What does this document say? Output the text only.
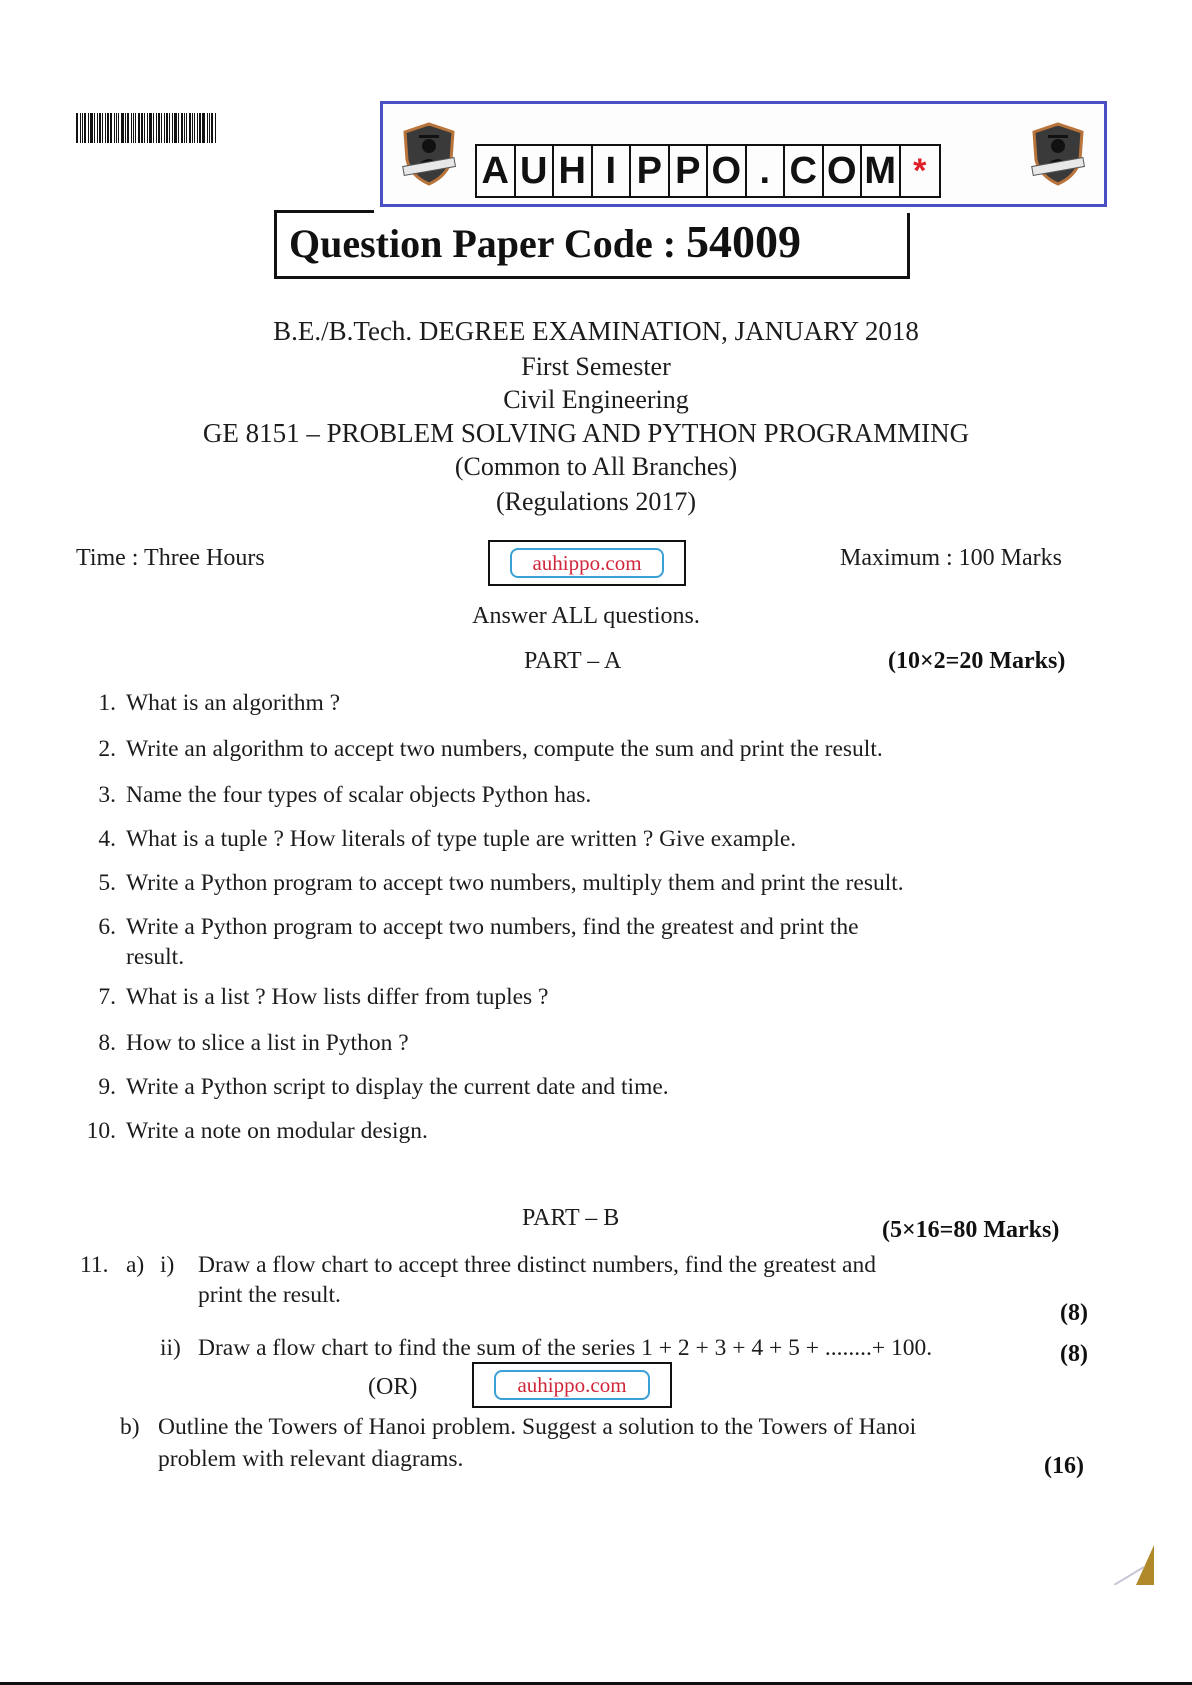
A U H I P P O . C O M *
Question Paper Code : 54009
B.E./B.Tech. DEGREE EXAMINATION, JANUARY 2018
First Semester
Civil Engineering
GE 8151 – PROBLEM SOLVING AND PYTHON PROGRAMMING
(Common to All Branches)
(Regulations 2017)
Time : Three Hours	auhippo.com	Maximum : 100 Marks
Answer ALL questions.
PART – A	(10×2=20 Marks)
1. What is an algorithm ?
2. Write an algorithm to accept two numbers, compute the sum and print the result.
3. Name the four types of scalar objects Python has.
4. What is a tuple ? How literals of type tuple are written ? Give example.
5. Write a Python program to accept two numbers, multiply them and print the result.
6. Write a Python program to accept two numbers, find the greatest and print the
result.
7. What is a list ? How lists differ from tuples ?
8. How to slice a list in Python ?
9. Write a Python script to display the current date and time.
10. Write a note on modular design.
PART – B	(5×16=80 Marks)
11. a) i) Draw a flow chart to accept three distinct numbers, find the greatest and
print the result.
(8)
ii) Draw a flow chart to find the sum of the series 1 + 2 + 3 + 4 + 5 + ........+ 100.	(8)
(OR)	auhippo.com
b) Outline the Towers of Hanoi problem. Suggest a solution to the Towers of Hanoi
problem with relevant diagrams.	(16)
